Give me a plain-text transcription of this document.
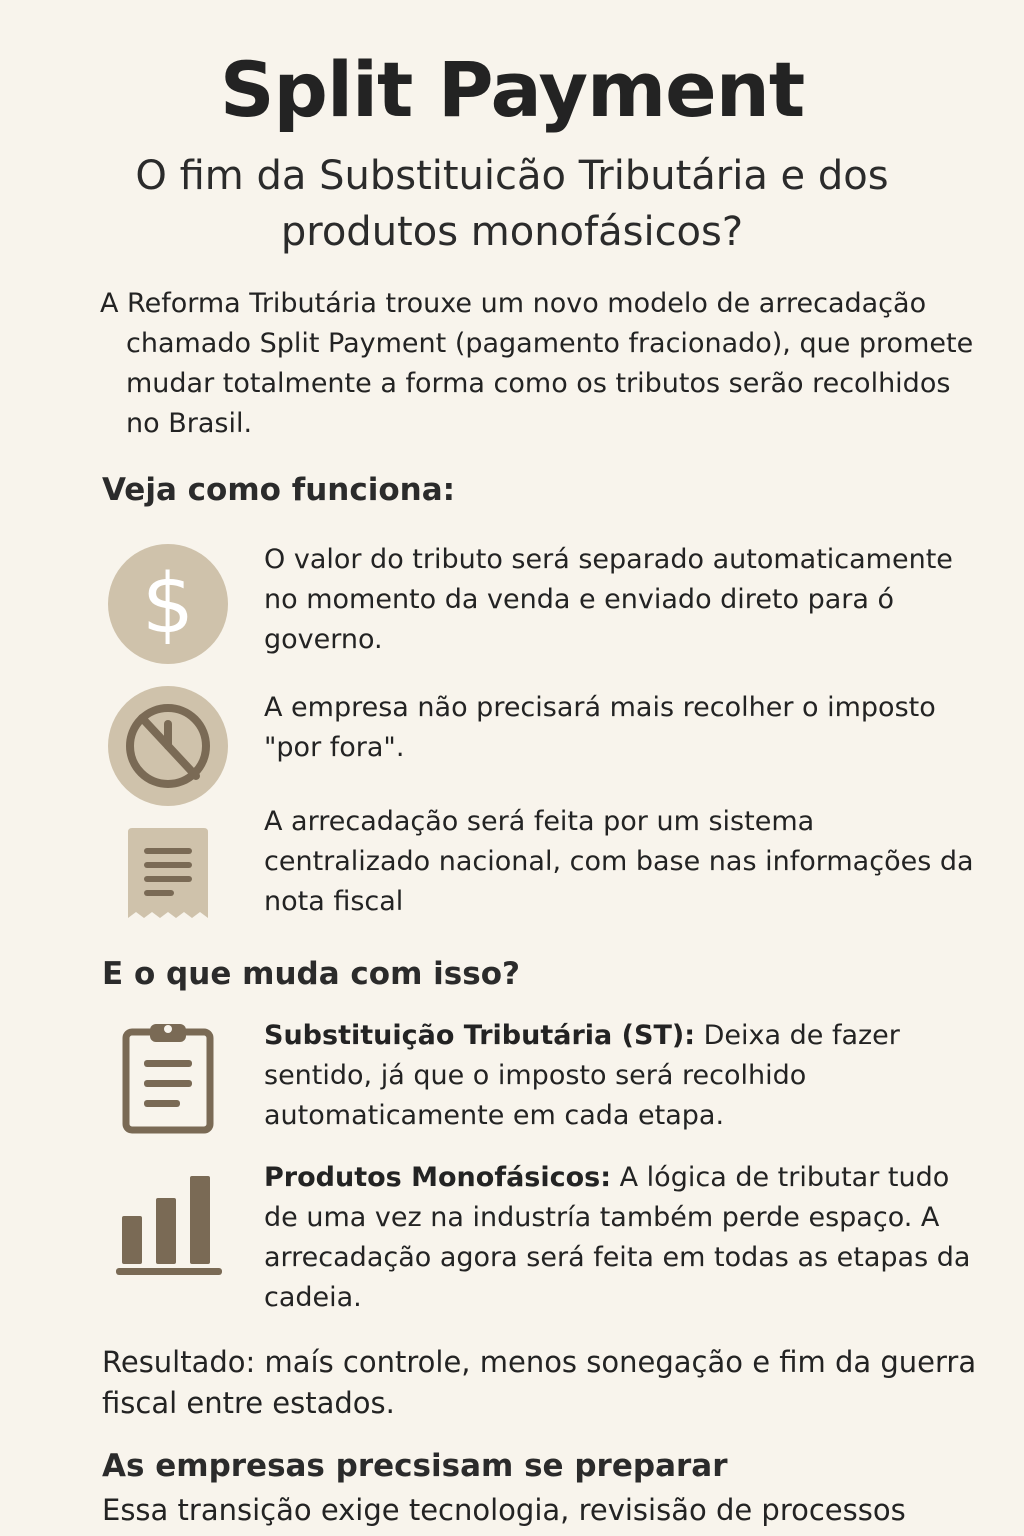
Split Payment

O fim da Substituicão Tributária e dos produtos monofásicos?

A Reforma Tributária trouxe um novo modelo de arrecadação chamado Split Payment (pagamento fracionado), que promete mudar totalmente a forma como os tributos serão recolhidos no Brasil.

Veja como funciona:
$	O valor do tributo será separado automaticamente no momento da venda e enviado direto para ó governo.

A empresa não precisará mais recolher o imposto "por fora".

A arrecadação será feita por um sistema centralizado nacional, com base nas informações da nota fiscal

E o que muda com isso?

Substituição Tributária (ST): Deixa de fazer sentido, já que o imposto será recolhido automaticamente em cada etapa.

Produtos Monofásicos: A lógica de tributar tudo de uma vez na industría também perde espaço. A arrecadação agora será feita em todas as etapas da cadeia.

Resultado: maís controle, menos sonegação e fim da guerra fiscal entre estados.

As empresas precsisam se preparar

Essa transição exige tecnologia, revisisão de processos
